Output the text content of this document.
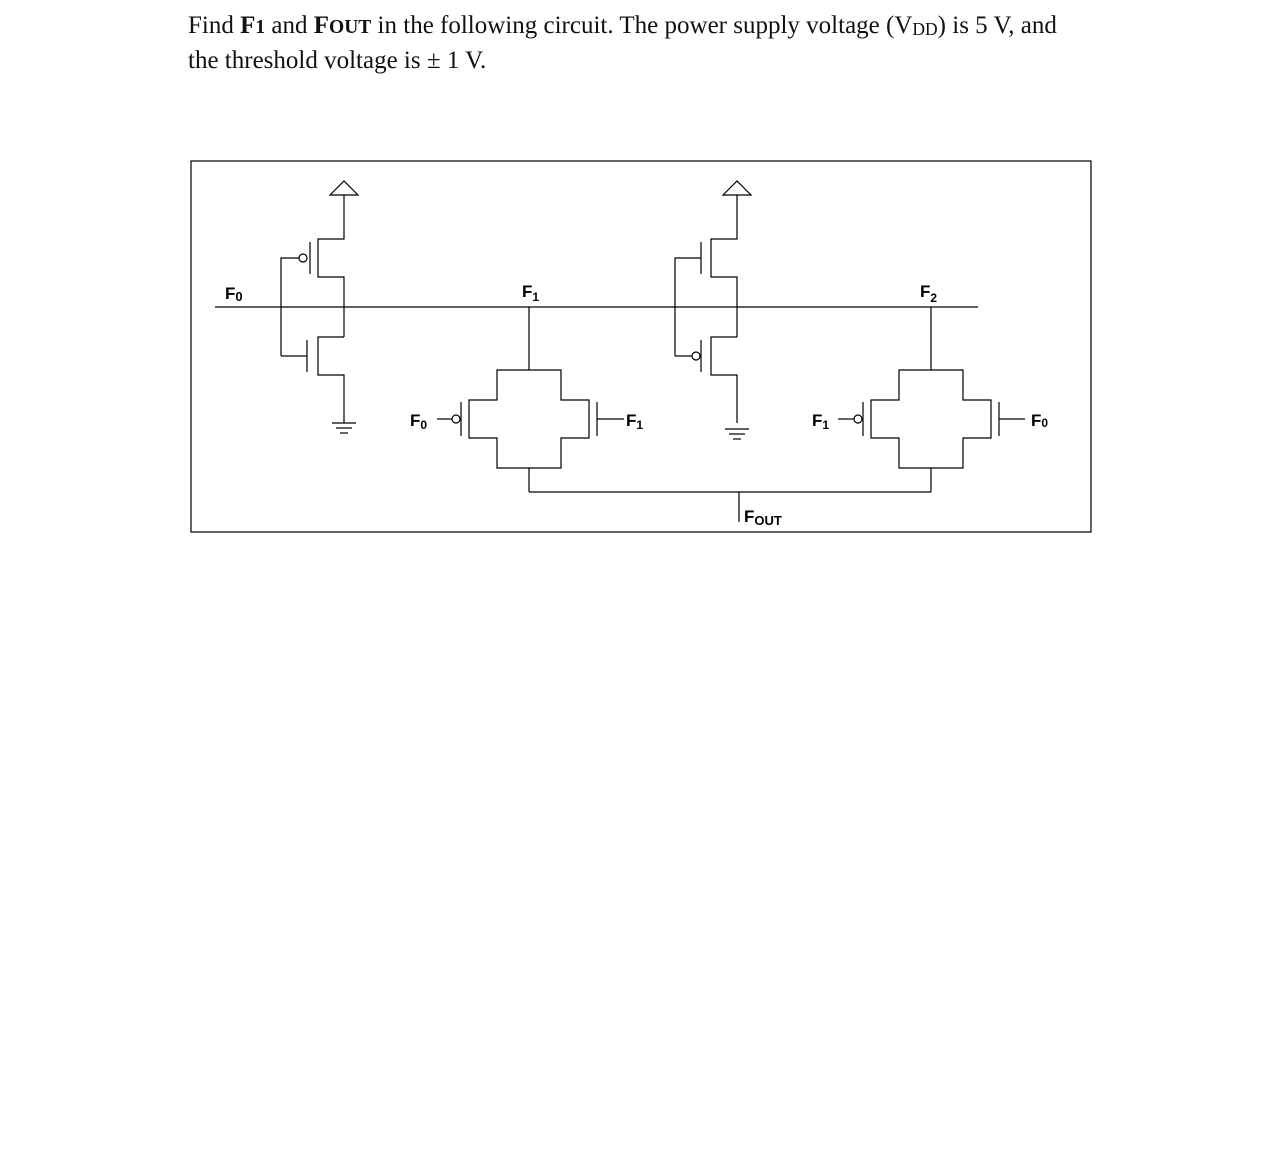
Find F1 and FOUT in the following circuit. The power supply voltage $(V_{DD})$ is 5 V, and the threshold voltage is ± 1 V.
F0	$F_1$	$F_2$
F0	F1	F1	F0
FOUT
